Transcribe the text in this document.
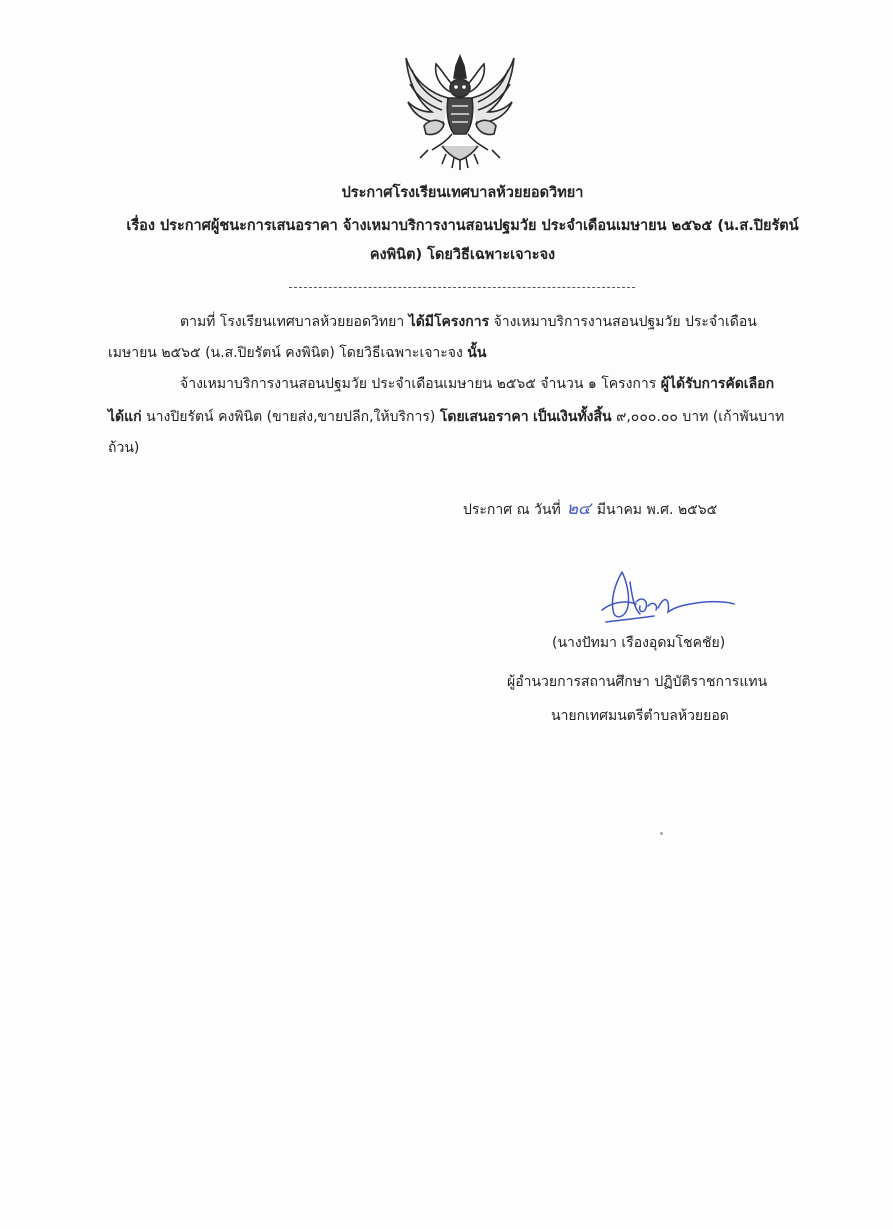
ประกาศโรงเรียนเทศบาลห้วยยอดวิทยา
เรื่อง ประกาศผู้ชนะการเสนอราคา จ้างเหมาบริการงานสอนปฐมวัย ประจำเดือนเมษายน ๒๕๖๕ (น.ส.ปิยรัตน์
คงพินิต) โดยวิธีเฉพาะเจาะจง
ตามที่ โรงเรียนเทศบาลห้วยยอดวิทยา ได้มีโครงการ จ้างเหมาบริการงานสอนปฐมวัย ประจำเดือน
เมษายน ๒๕๖๕ (น.ส.ปิยรัตน์ คงพินิต) โดยวิธีเฉพาะเจาะจง นั้น
จ้างเหมาบริการงานสอนปฐมวัย ประจำเดือนเมษายน ๒๕๖๕ จำนวน ๑ โครงการ ผู้ได้รับการคัดเลือก
ได้แก่ นางปิยรัตน์ คงพินิต (ขายส่ง,ขายปลีก,ให้บริการ) โดยเสนอราคา เป็นเงินทั้งสิ้น ๙,๐๐๐.๐๐ บาท (เก้าพันบาท
ถ้วน)
ประกาศ ณ วันที่ ๒๔ มีนาคม พ.ศ. ๒๕๖๕
(นางปัทมา เรืองอุดมโชคชัย)
ผู้อำนวยการสถานศึกษา ปฏิบัติราชการแทน
นายกเทศมนตรีตำบลห้วยยอด
